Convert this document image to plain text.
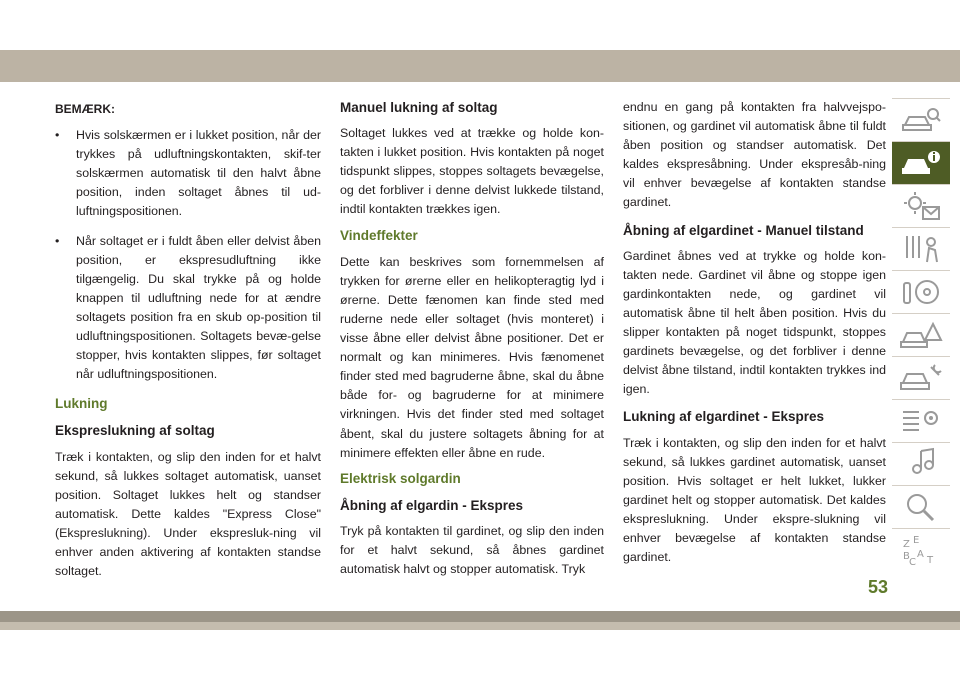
BEMÆRK:
• Hvis solskærmen er i lukket position, når der trykkes på udluftningskontakten, skif-ter solskærmen automatisk til den halvt åbne position, inden soltaget åbnes til ud-luftningspositionen.
• Når soltaget er i fuldt åben eller delvist åben position, er ekspresudluftning ikke tilgængelig. Du skal trykke på og holde knappen til udluftning nede for at ændre soltagets position fra en skub op-position til udluftningspositionen. Soltagets bevæ-gelse stopper, hvis kontakten slippes, før soltaget når udluftningspositionen.
Lukning
Ekspreslukning af soltag

Træk i kontakten, og slip den inden for et halvt sekund, så lukkes soltaget automatisk, uanset position. Soltaget lukkes helt og standser automatisk. Dette kaldes "Express Close" (Ekspreslukning). Under ekspresluk-ning vil enhver anden aktivering af kontakten standse soltaget.

Manuel lukning af soltag

Soltaget lukkes ved at trække og holde kon-takten i lukket position. Hvis kontakten på noget tidspunkt slippes, stoppes soltagets bevægelse, og det forbliver i denne delvist lukkede tilstand, indtil kontakten trækkes igen.

Vindeffekter

Dette kan beskrives som fornemmelsen af trykken for ørerne eller en helikopteragtig lyd i ørerne. Dette fænomen kan finde sted med ruderne nede eller soltaget (hvis monteret) i visse åbne eller delvist åbne positioner. Det er normalt og kan minimeres. Hvis fænomenet finder sted med bagruderne åbne, skal du åbne både for- og bagruderne for at minimere virkningen. Hvis det finder sted med soltaget åbent, skal du justere soltagets åbning for at minimere effekten eller åbne en rude.

Elektrisk solgardin
Åbning af elgardin - Ekspres

Tryk på kontakten til gardinet, og slip den inden for et halvt sekund, så åbnes gardinet automatisk halvt og stopper automatisk. Tryk

endnu en gang på kontakten fra halvvejspo-sitionen, og gardinet vil automatisk åbne til fuldt åben position og standser automatisk. Det kaldes ekspresåbning. Under ekspresåb-ning vil enhver bevægelse af kontakten standse gardinet.

Åbning af elgardinet - Manuel tilstand

Gardinet åbnes ved at trykke og holde kon-takten nede. Gardinet vil åbne og stoppe igen gardinkontakten nede, og gardinet vil automatisk åbne til helt åben position. Hvis du slipper kontakten på noget tidspunkt, stoppes gardinets bevægelse, og det forbliver i denne delvist åbne tilstand, indtil kontakten trykkes ind igen.

Lukning af elgardinet - Ekspres

Træk i kontakten, og slip den inden for et halvt sekund, så lukkes gardinet automatisk, uanset position. Hvis soltaget er helt lukket, lukker gardinet helt og stopper automatisk. Det kaldes ekspreslukning. Under ekspre-slukning vil enhver bevægelse af kontakten standse gardinet.

Z E
B A
C T
53
